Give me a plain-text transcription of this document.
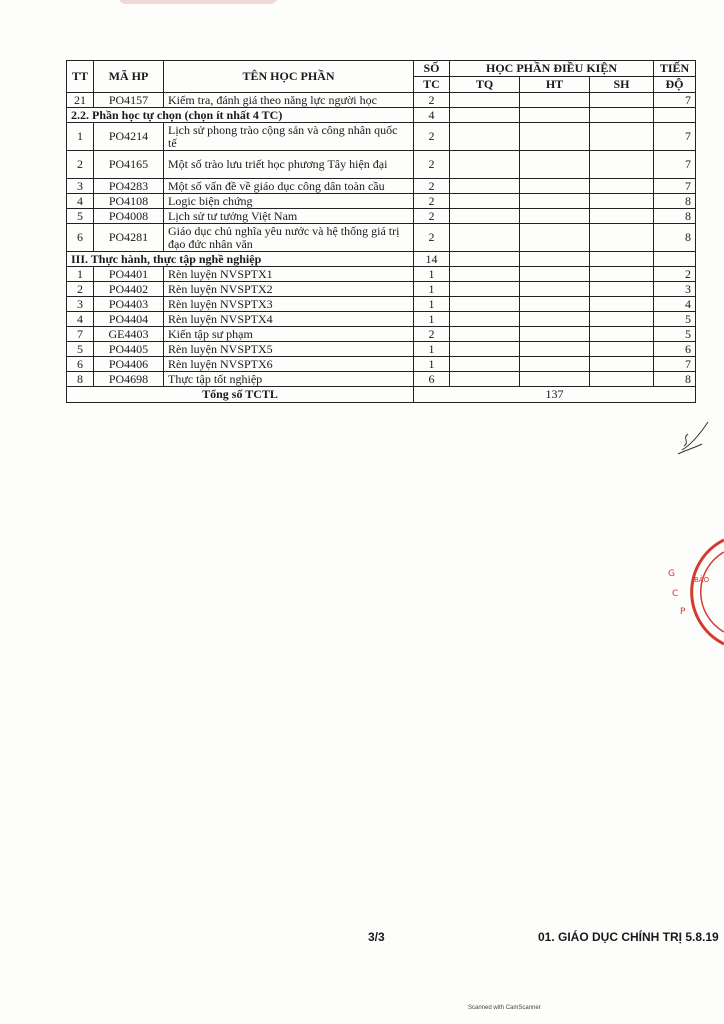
TT	MÃ HP	TÊN HỌC PHẦN	SỐ	HỌC PHẦN ĐIỀU KIỆN			TIẾN
			TC	TQ	HT	SH	ĐỘ
21	PO4157	Kiểm tra, đánh giá theo năng lực người học	2				7
2.2. Phần học tự chọn (chọn ít nhất 4 TC)			4				
1	PO4214	Lịch sử phong trào cộng sản và công nhân quốc tế	2				7
2	PO4165	Một số trào lưu triết học phương Tây hiện đại	2				7
3	PO4283	Một số vấn đề về giáo dục công dân toàn cầu	2				7
4	PO4108	Logic biện chứng	2				8
5	PO4008	Lịch sử tư tưởng Việt Nam	2				8
6	PO4281	Giáo dục chủ nghĩa yêu nước và hệ thống giá trị đạo đức nhân văn	2				8
III. Thực hành, thực tập nghề nghiệp			14				
1	PO4401	Rèn luyện NVSPTX1	1				2
2	PO4402	Rèn luyện NVSPTX2	1				3
3	PO4403	Rèn luyện NVSPTX3	1				4
4	PO4404	Rèn luyện NVSPTX4	1				5
7	GE4403	Kiến tập sư phạm	2				5
5	PO4405	Rèn luyện NVSPTX5	1				6
6	PO4406	Rèn luyện NVSPTX6	1				7
8	PO4698	Thực tập tốt nghiệp	6				8
Tổng số TCTL			137				
G
C
P
BẢO
3/3	01. GIÁO DỤC CHÍNH TRỊ 5.8.19
Scanned with CamScanner
